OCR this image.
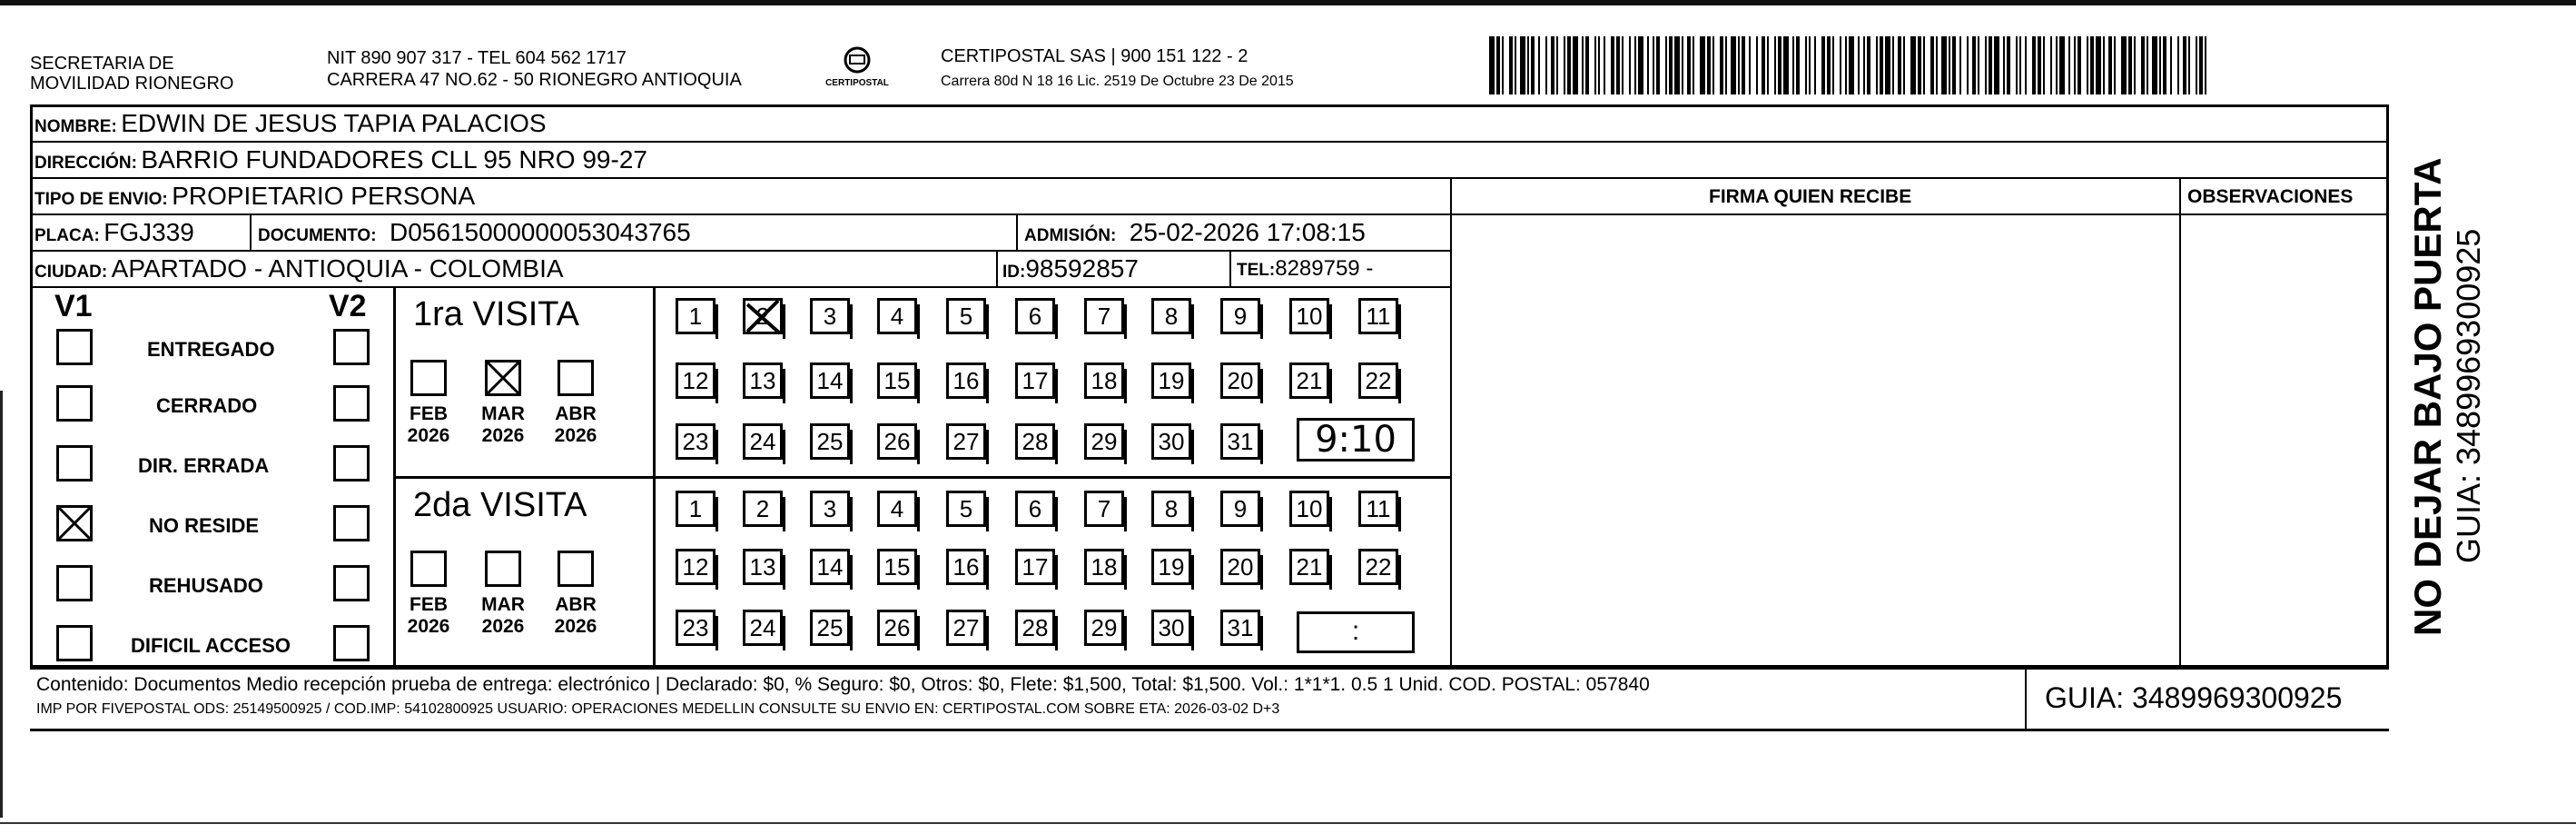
SECRETARIA DE
MOVILIDAD RIONEGRO
NIT 890 907 317 - TEL 604 562 1717
CARRERA 47 NO.62 - 50 RIONEGRO ANTIOQUIA	CERTIPOSTAL
CERTIPOSTAL SAS | 900 151 122 - 2
Carrera 80d N 18 16 Lic. 2519 De Octubre 23 De 2015
NOMBRE: EDWIN DE JESUS TAPIA PALACIOS
DIRECCIÓN: BARRIO FUNDADORES CLL 95 NRO 99-27
TIPO DE ENVIO: PROPIETARIO PERSONA
PLACA: FGJ339	DOCUMENTO: D05615000000053043765	ADMISIÓN: 25-02-2026 17:08:15
CIUDAD: APARTADO - ANTIOQUIA - COLOMBIA	ID:98592857	TEL:8289759 -
FIRMA QUIEN RECIBE	OBSERVACIONES
V1	V2
ENTREGADO
CERRADO
DIR. ERRADA
NO RESIDE
REHUSADO
DIFICIL ACCESO
1ra VISITA
2da VISITA
FEB
2026
MAR
2026
ABR
2026
FEB
2026
MAR
2026
ABR
2026
1	2	3	4	5	6	7	8	9	10	11
12 13 14 15 16 17 18 19 20 21 22
23 24 25 26 27 28 29 30 31
1	2	3	4	5	6	7	8	9	10	11
12 13 14 15 16 17 18 19 20 21 22
23 24 25 26 27 28 29 30 31
9:10
:
Contenido: Documentos Medio recepción prueba de entrega: electrónico | Declarado: $0, % Seguro: $0, Otros: $0, Flete: $1,500, Total: $1,500. Vol.: 1*1*1. 0.5 1 Unid. COD. POSTAL: 057840
IMP POR FIVEPOSTAL ODS: 25149500925 / COD.IMP: 54102800925 USUARIO: OPERACIONES MEDELLIN CONSULTE SU ENVIO EN: CERTIPOSTAL.COM SOBRE ETA: 2026-03-02 D+3	GUIA: 3489969300925
NO DEJAR BAJO PUERTA GUIA: 3489969300925
